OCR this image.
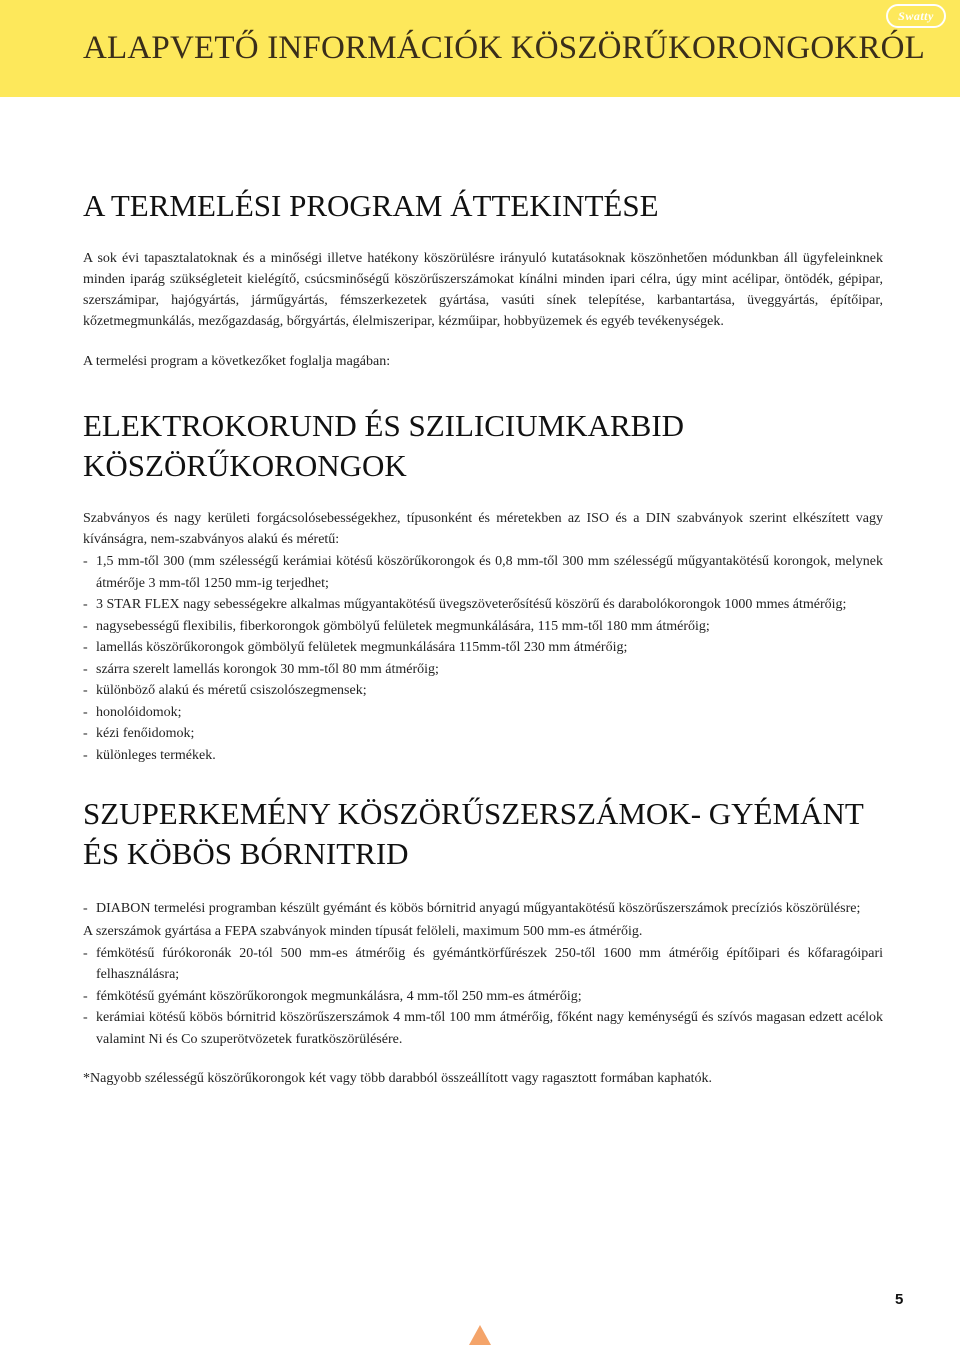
ALAPVETŐ INFORMÁCIÓK KÖSZÖRŰKORONGOKRÓL
Swatty
A TERMELÉSI PROGRAM ÁTTEKINTÉSE

A sok évi tapasztalatoknak és a minőségi illetve hatékony köszörülésre irányuló kutatásoknak köszönhetően módunkban áll ügyfeleinknek minden iparág szükségleteit kielégítő, csúcsminőségű köszörűszerszámokat kínálni minden ipari célra, úgy mint acélipar, öntödék, gépipar, szerszámipar, hajógyártás, járműgyártás, fémszerkezetek gyártása, vasúti sínek telepítése, karbantartása, üveggyártás, építőipar, kőzetmegmunkálás, mezőgazdaság, bőrgyártás, élelmiszeripar, kézműipar, hobbyüzemek és egyéb tevékenységek.

A termelési program a következőket foglalja magában:

ELEKTROKORUND ÉS SZILICIUMKARBID
KÖSZÖRŰKORONGOK

Szabványos és nagy kerületi forgácsolósebességekhez, típusonként és méretekben az ISO és a DIN szabványok szerint elkészített vagy kívánságra, nem-szabványos alakú és méretű:

- 1,5 mm-től 300 (mm szélességű kerámiai kötésű köszörűkorongok és 0,8 mm-től 300 mm szélességű műgyantakötésű korongok, melynek átmérője 3 mm-től 1250 mm-ig terjedhet;
- 3 STAR FLEX nagy sebességekre alkalmas műgyantakötésű üvegszöveterősítésű köszörű és darabolókorongok 1000 mmes átmérőig;
- nagysebességű flexibilis, fiberkorongok gömbölyű felületek megmunkálására, 115 mm-től 180 mm átmérőig;
- lamellás köszörűkorongok gömbölyű felületek megmunkálására 115mm-től 230 mm átmérőig;
- szárra szerelt lamellás korongok 30 mm-től 80 mm átmérőig;
- különböző alakú és méretű csiszolószegmensek;
- honolóidomok;
- kézi fenőidomok;
- különleges termékek.
SZUPERKEMÉNY KÖSZÖRŰSZERSZÁMOK- GYÉMÁNT
ÉS KÖBÖS BÓRNITRID
- DIABON termelési programban készült gyémánt és köbös bórnitrid anyagú műgyantakötésű köszörűszerszámok precíziós köszörülésre;

A szerszámok gyártása a FEPA szabványok minden típusát felöleli, maximum 500 mm-es átmérőig.

- fémkötésű fúrókoronák 20-tól 500 mm-es átmérőig és gyémántkörfűrészek 250-től 1600 mm átmérőig építőipari és kőfaragóipari felhasználásra;
- fémkötésű gyémánt köszörűkorongok megmunkálásra, 4 mm-től 250 mm-es átmérőig;
- kerámiai kötésű köbös bórnitrid köszörűszerszámok 4 mm-től 100 mm átmérőig, főként nagy keménységű és szívós magasan edzett acélok valamint Ni és Co szuperötvözetek furatköszörülésére.

*Nagyobb szélességű köszörűkorongok két vagy több darabból összeállított vagy ragasztott formában kaphatók.

5
